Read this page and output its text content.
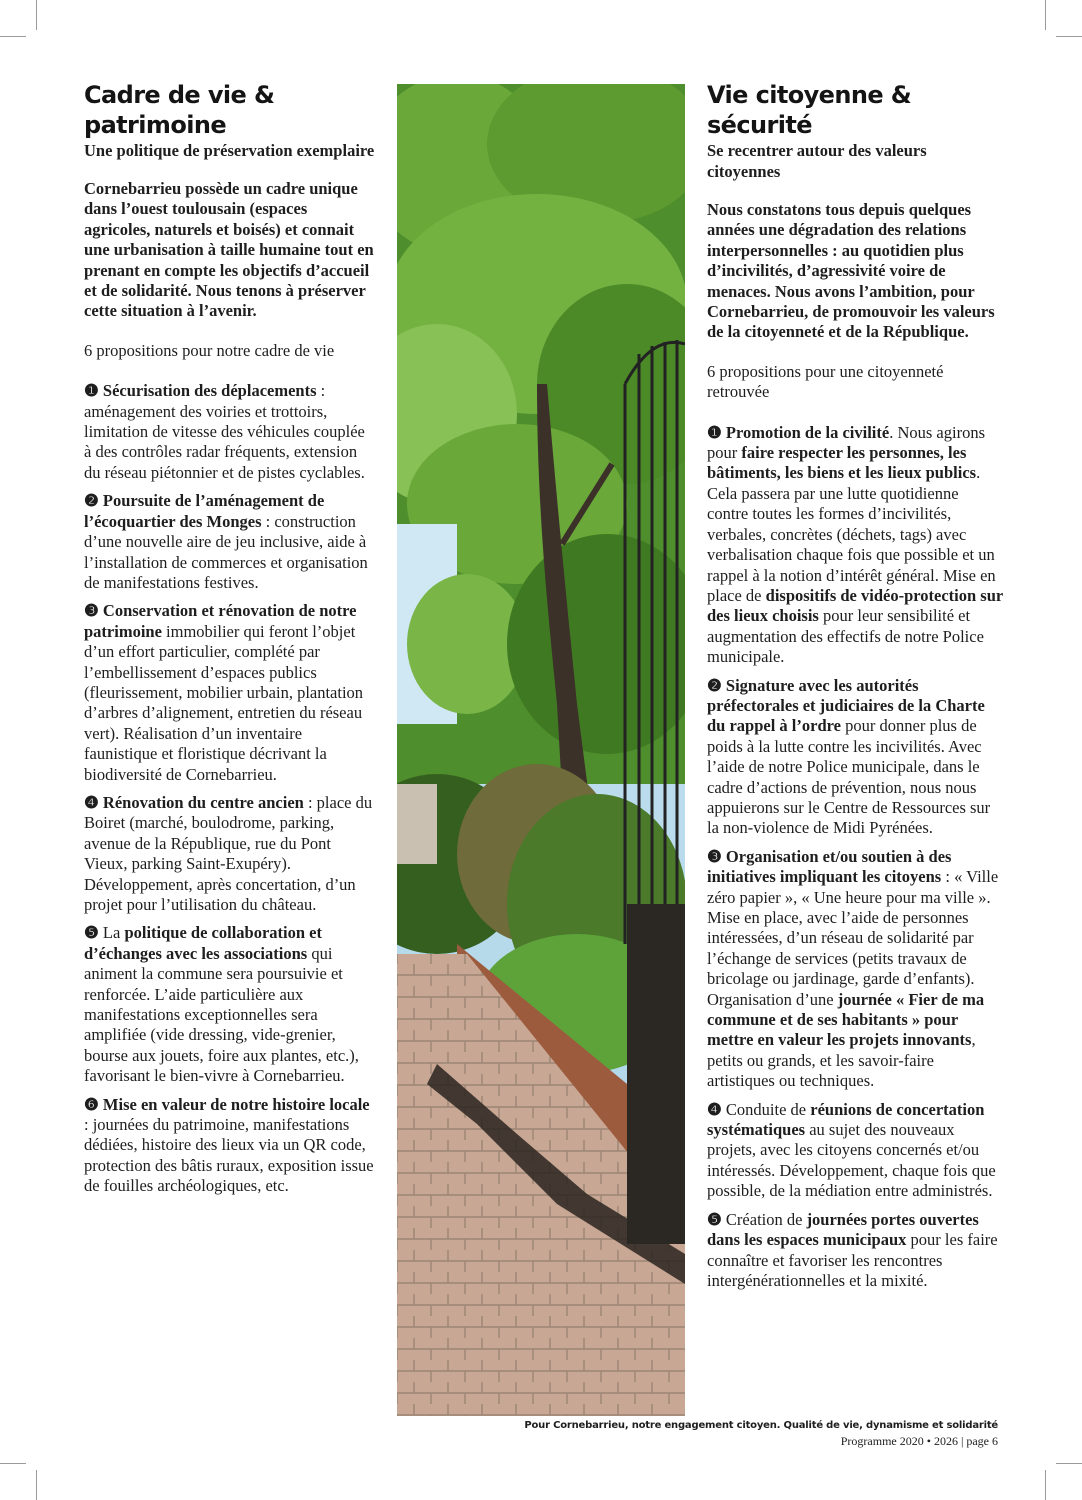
Cadre de vie & patrimoine

Une politique de préservation exemplaire

Cornebarrieu possède un cadre unique dans l’ouest toulousain (espaces agricoles, naturels et boisés) et connait une urbanisation à taille humaine tout en prenant en compte les objectifs d’accueil et de solidarité. Nous tenons à préserver cette situation à l’avenir.

6 propositions pour notre cadre de vie

❶ Sécurisation des déplacements : aménagement des voiries et trottoirs, limitation de vitesse des véhicules couplée à des contrôles radar fréquents, extension du réseau piétonnier et de pistes cyclables.

❷ Poursuite de l’aménagement de l’écoquartier des Monges : construction d’une nouvelle aire de jeu inclusive, aide à l’installation de commerces et organisation de manifestations festives.

❸ Conservation et rénovation de notre patrimoine immobilier qui feront l’objet d’un effort particulier, complété par l’embellissement d’espaces publics (fleurissement, mobilier urbain, plantation d’arbres d’alignement, entretien du réseau vert). Réalisation d’un inventaire faunistique et floristique décrivant la biodiversité de Cornebarrieu.

❹ Rénovation du centre ancien : place du Boiret (marché, boulodrome, parking, avenue de la République, rue du Pont Vieux, parking Saint-Exupéry). Développement, après concertation, d’un projet pour l’utilisation du château.

❺ La politique de collaboration et d’échanges avec les associations qui animent la commune sera poursuivie et renforcée. L’aide particulière aux manifestations exceptionnelles sera amplifiée (vide dressing, vide-grenier, bourse aux jouets, foire aux plantes, etc.), favorisant le bien-vivre à Cornebarrieu.

❻ Mise en valeur de notre histoire locale : journées du patrimoine, manifestations dédiées, histoire des lieux via un QR code, protection des bâtis ruraux, exposition issue de fouilles archéologiques, etc.

Vie citoyenne & sécurité

Se recentrer autour des valeurs citoyennes

Nous constatons tous depuis quelques années une dégradation des relations interpersonnelles : au quotidien plus d’incivilités, d’agressivité voire de menaces. Nous avons l’ambition, pour Cornebarrieu, de promouvoir les valeurs de la citoyenneté et de la République.

6 propositions pour une citoyenneté retrouvée

❶ Promotion de la civilité. Nous agirons pour faire respecter les personnes, les bâtiments, les biens et les lieux publics. Cela passera par une lutte quotidienne contre toutes les formes d’incivilités, verbales, concrètes (déchets, tags) avec verbalisation chaque fois que possible et un rappel à la notion d’intérêt général. Mise en place de dispositifs de vidéo-protection sur des lieux choisis pour leur sensibilité et augmentation des effectifs de notre Police municipale.

❷ Signature avec les autorités préfectorales et judiciaires de la Charte du rappel à l’ordre pour donner plus de poids à la lutte contre les incivilités. Avec l’aide de notre Police municipale, dans le cadre d’actions de prévention, nous nous appuierons sur le Centre de Ressources sur la non-violence de Midi Pyrénées.

❸ Organisation et/ou soutien à des initiatives impliquant les citoyens : « Ville zéro papier », « Une heure pour ma ville ». Mise en place, avec l’aide de personnes intéressées, d’un réseau de solidarité par l’échange de services (petits travaux de bricolage ou jardinage, garde d’enfants). Organisation d’une journée « Fier de ma commune et de ses habitants » pour mettre en valeur les projets innovants, petits ou grands, et les savoir-faire artistiques ou techniques.

❹ Conduite de réunions de concertation systématiques au sujet des nouveaux projets, avec les citoyens concernés et/ou intéressés. Développement, chaque fois que possible, de la médiation entre administrés.

❺ Création de journées portes ouvertes dans les espaces municipaux pour les faire connaître et favoriser les rencontres intergénérationnelles et la mixité.

Pour Cornebarrieu, notre engagement citoyen. Qualité de vie, dynamisme et solidarité
Programme 2020 • 2026 | page 6
